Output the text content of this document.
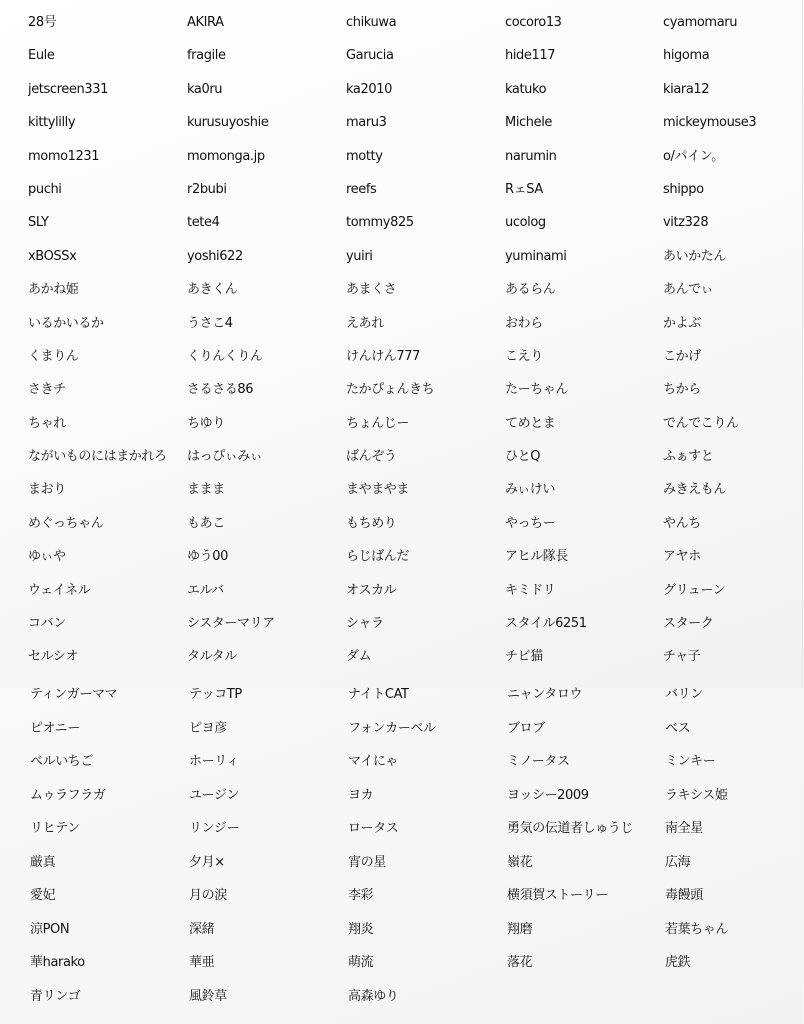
28号	AKIRA	chikuwa	cocoro13	cyamomaru
Eule	fragile	Garucia	hide117	higoma
jetscreen331	ka0ru	ka2010	katuko	kiara12
kittylilly	kurusuyoshie	maru3	Michele	mickeymouse3
momo1231	momonga.jp	motty	narumin	o/パイン。
puchi	r2bubi	reefs	RェSA	shippo
SLY	tete4	tommy825	ucolog	vitz328
xBOSSx	yoshi622	yuiri	yuminami	あいかたん
あかね姫	あきくん	あまくさ	あるらん	あんでぃ
いるかいるか	うさこ4	えあれ	おわら	かよぶ
くまりん	くりんくりん	けんけん777	こえり	こかげ
さきチ	さるさる86	たかぴょんきち	たーちゃん	ちから
ちゃれ	ちゆり	ちょんじー	てめとま	でんでこりん
ながいものにはまかれろ	はっぴぃみぃ	ばんぞう	ひとQ	ふぁすと
まおり	ままま	まやまやま	みぃけい	みきえもん
めぐっちゃん	もあこ	もちめり	やっちー	やんち
ゆぃや	ゆう00	らじばんだ	アヒル隊長	アヤホ
ウェイネル	エルバ	オスカル	キミドリ	グリューン
コバン	シスターマリア	シャラ	スタイル6251	スターク
セルシオ	タルタル	ダム	チビ猫	チャ子
ティンガーママ	テッコTP	ナイトCAT	ニャンタロウ	バリン
ピオニー	ピヨ彦	フォンカーベル	ブロブ	ベス
ベルいちご	ホーリィ	マイにゃ	ミノータス	ミンキー
ムゥラフラガ	ユージン	ヨカ	ヨッシー2009	ラキシス姫
リヒテン	リンジー	ロータス	勇気の伝道者しゅうじ	南全星
厳真	夕月×	宵の星	嶺花	広海
愛妃	月の涙	李彩	横須賀ストーリー	毒饅頭
涼PON	深緒	翔炎	翔磨	若葉ちゃん
華harako	華亜	萌流	落花	虎鉄
青リンゴ	風鈴草	高森ゆり
